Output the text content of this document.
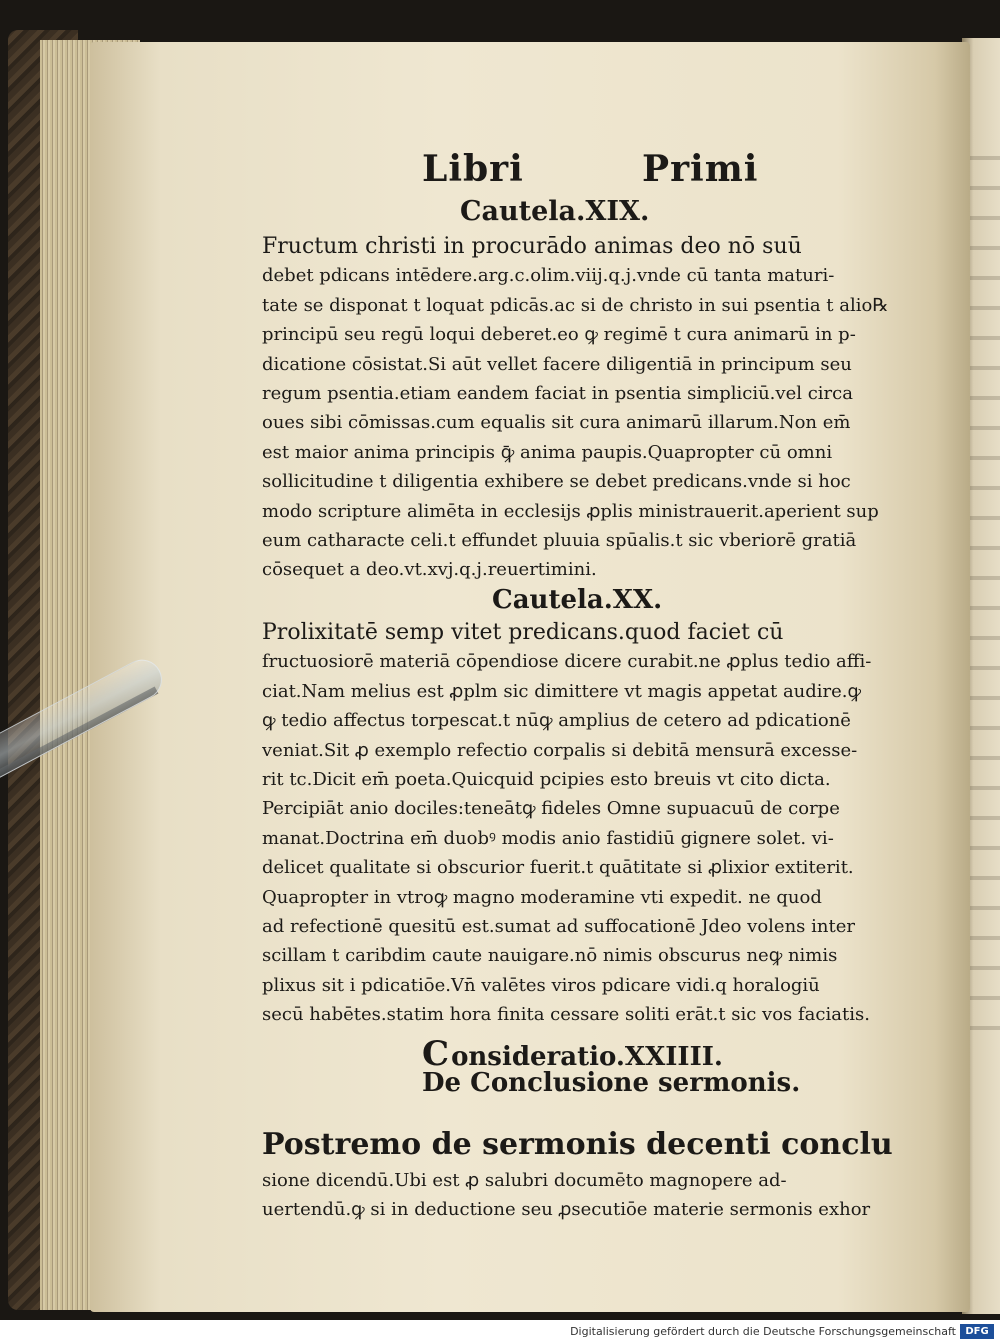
Libri	Primi
Cautela.XIX.
Fructum christi in procurādo animas deo nō suū
debet pdicans intēdere.arg.c.olim.viij.q.j.vnde cū tanta maturi-
tate se disponat t loquat pdicās.ac si de christo in sui psentia t alio℞
principū seu regū loqui deberet.eo ꝙ regimē t cura animarū in p-
dicatione cōsistat.Si aūt vellet facere diligentiā in principum seu
regum psentia.etiam eandem faciat in psentia simpliciū.vel circa
oues sibi cōmissas.cum equalis sit cura animarū illarum.Non em̄
est maior anima principis ꝙ̄ anima paupis.Quapropter cū omni
sollicitudine t diligentia exhibere se debet predicans.vnde si hoc
modo scripture alimēta in ecclesijs ꝓplis ministrauerit.aperient sup
eum catharacte celi.t effundet pluuia spūalis.t sic vberiorē gratiā
cōsequet a deo.vt.xvj.q.j.reuertimini.
Cautela.XX.
Prolixitatē semp vitet predicans.quod faciet cū
fructuosiorē materiā cōpendiose dicere curabit.ne ꝓplus tedio affi-
ciat.Nam melius est ꝓplm sic dimittere vt magis appetat audire.ꝙ
ꝙ tedio affectus torpescat.t nūꝙ amplius de cetero ad pdicationē
veniat.Sit ꝓ exemplo refectio corpalis si debitā mensurā excesse-
rit tc.Dicit em̄ poeta.Quicquid pcipies esto breuis vt cito dicta.
Percipiāt anio dociles:teneātꝙ fideles Omne supuacuū de corpe
manat.Doctrina em̄ duobꝰ modis anio fastidiū gignere solet. vi-
delicet qualitate si obscurior fuerit.t quātitate si ꝓlixior extiterit.
Quapropter in vtroꝙ magno moderamine vti expedit. ne quod
ad refectionē quesitū est.sumat ad suffocationē Jdeo volens inter
scillam t caribdim caute nauigare.nō nimis obscurus neꝙ nimis
plixus sit i pdicatiōe.Vn̄ valētes viros pdicare vidi.q horalogiū
secū habētes.statim hora finita cessare soliti erāt.t sic vos faciatis.
Consideratio.XXIIII.
De Conclusione sermonis.
Postremo de sermonis decenti conclu
sione dicendū.Ubi est ꝓ salubri documēto magnopere ad-
uertendū.ꝙ si in deductione seu ꝓsecutiōe materie sermonis exhor
Digitalisierung gefördert durch die Deutsche Forschungsgemeinschaft DFG
